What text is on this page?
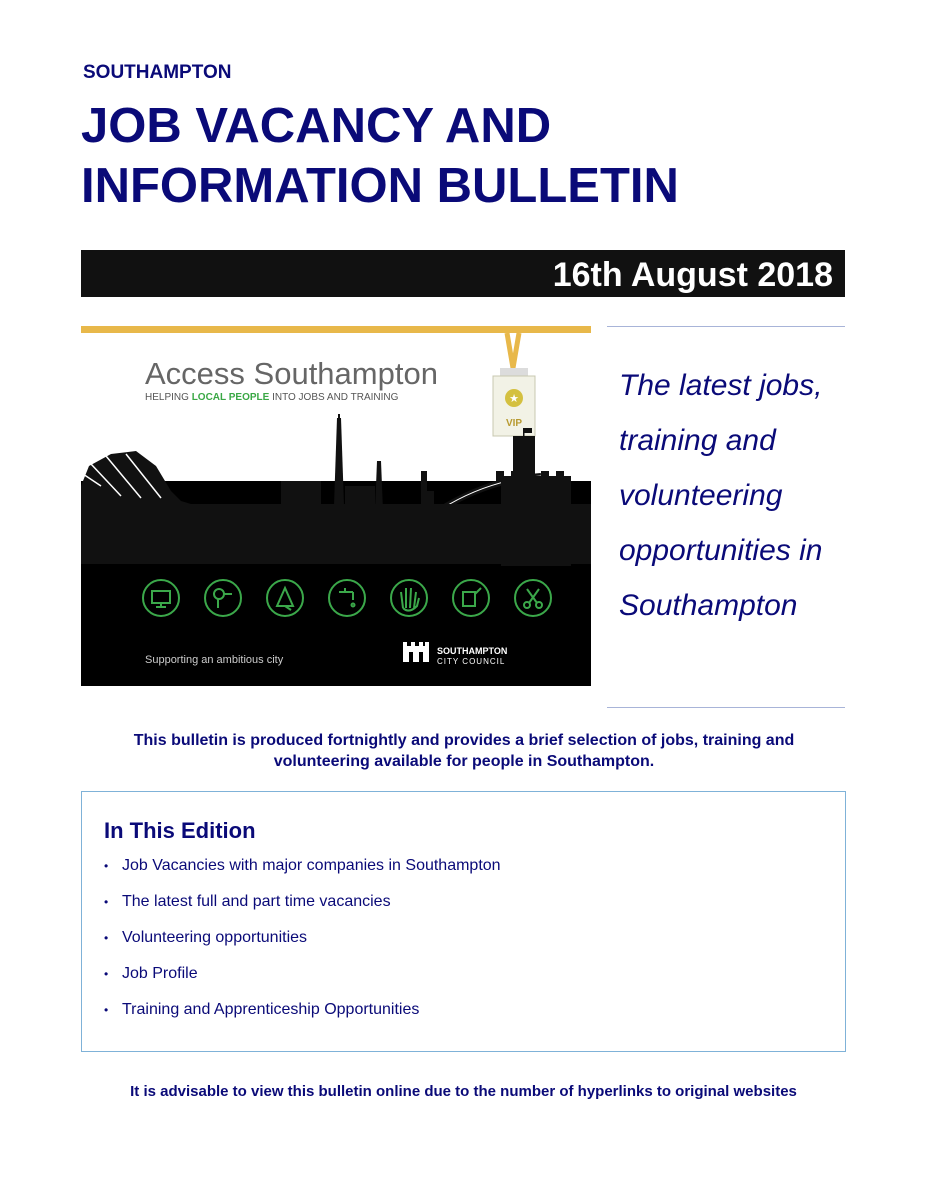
SOUTHAMPTON
JOB VACANCY AND
INFORMATION BULLETIN
16th August 2018
Access Southampton
HELPING LOCAL PEOPLE INTO JOBS AND TRAINING	★
VIP
Supporting an ambitious city
SOUTHAMPTON
CITY COUNCIL
The latest jobs,
training and
volunteering
opportunities in
Southampton
This bulletin is produced fortnightly and provides a brief selection of jobs, training and
volunteering available for people in Southampton.
In This Edition
• Job Vacancies with major companies in Southampton
• The latest full and part time vacancies
• Volunteering opportunities
• Job Profile
• Training and Apprenticeship Opportunities
It is advisable to view this bulletin online due to the number of hyperlinks to original websites
